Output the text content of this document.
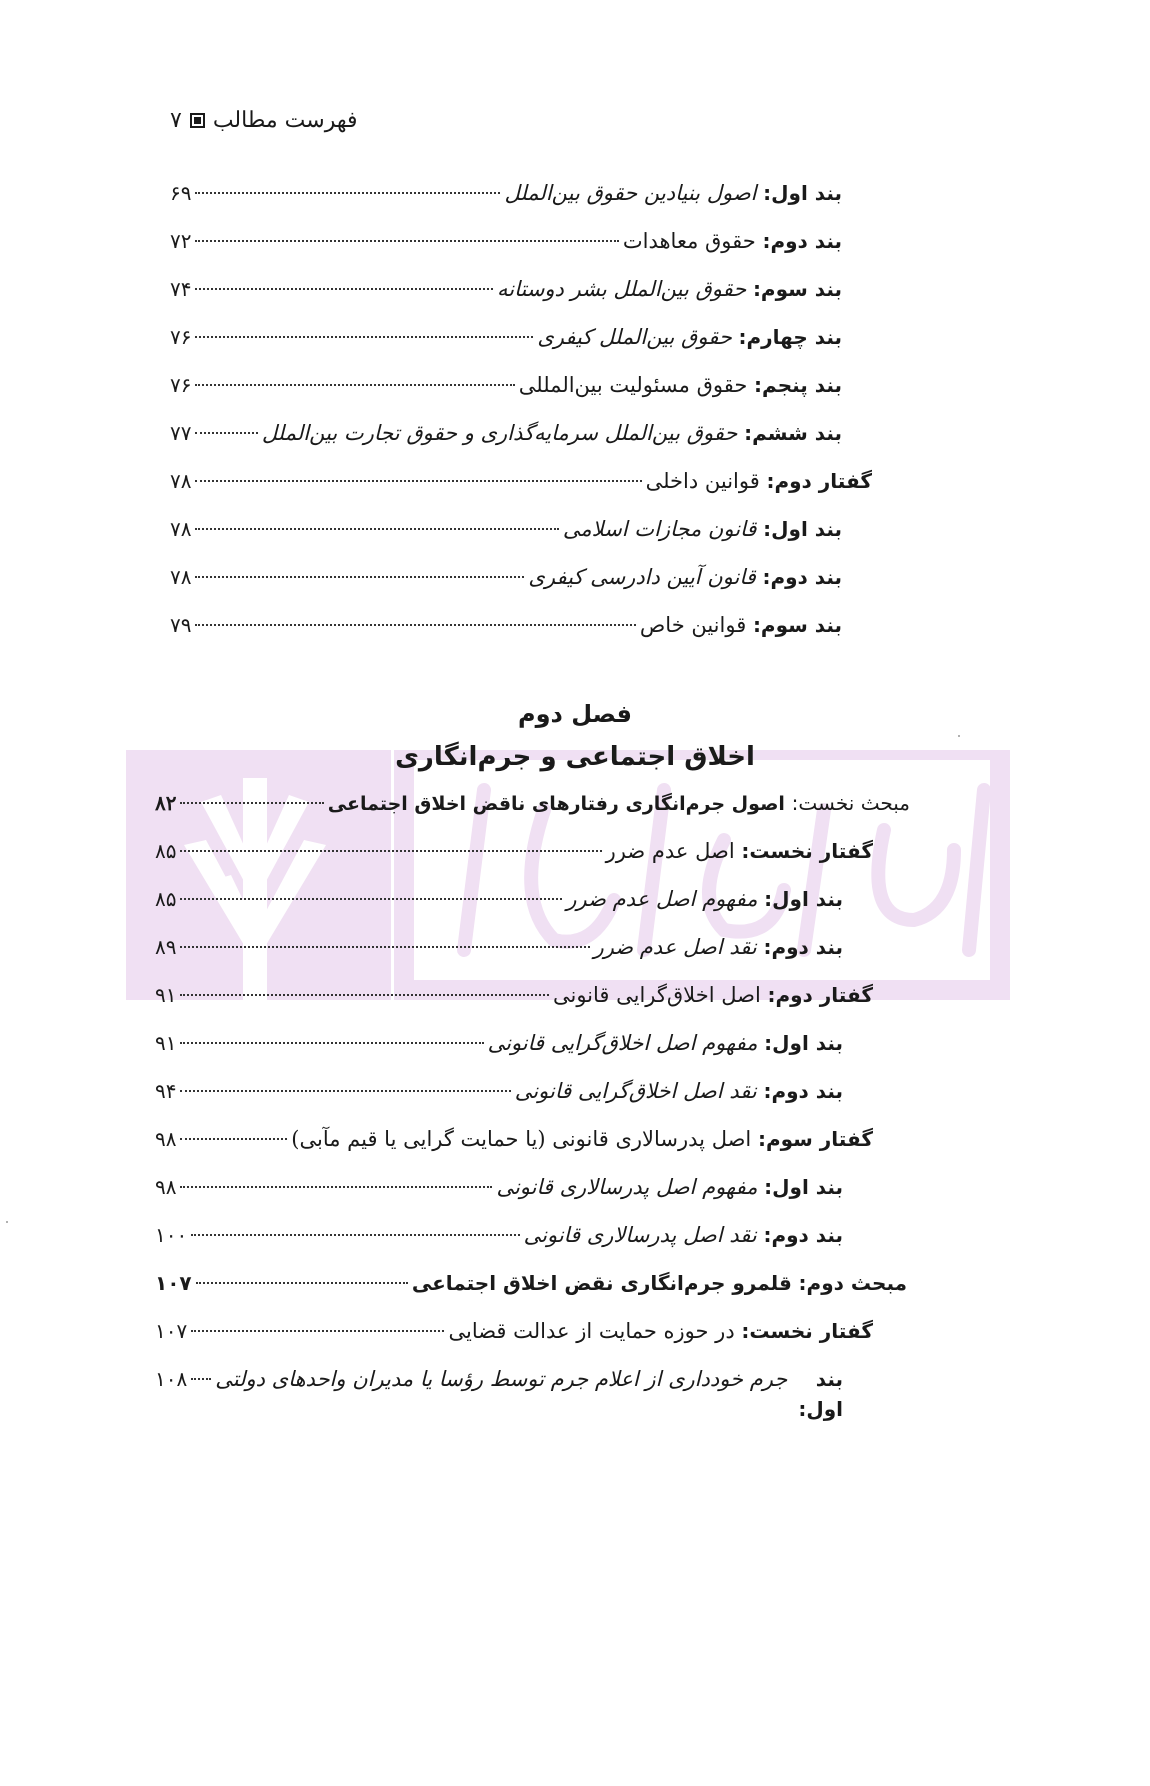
فهرست مطالب
۷
بند اول:

اصول بنیادین حقوق بین‌الملل
۶۹
بند دوم:

حقوق معاهدات
۷۲
بند سوم:

حقوق بین‌الملل بشر دوستانه
۷۴
بند چهارم:

حقوق بین‌الملل کیفری
۷۶
بند پنجم:

حقوق مسئولیت بین‌المللی
۷۶
بند ششم:

حقوق بین‌الملل سرمایه‌گذاری و حقوق تجارت بین‌الملل
۷۷
گفتار دوم:

قوانین داخلی
۷۸
بند اول:

قانون مجازات اسلامی
۷۸
بند دوم:

قانون آیین دادرسی کیفری
۷۸
بند سوم:

قوانین خاص
۷۹
فصل دوم
اخلاق اجتماعی و جرم‌انگاری
مبحث نخست:

اصول جرم‌انگاری رفتارهای ناقض اخلاق اجتماعی
۸۲
گفتار نخست:

اصل عدم ضرر
۸۵
بند اول:

مفهوم اصل عدم ضرر
۸۵
بند دوم:

نقد اصل عدم ضرر
۸۹
گفتار دوم:

اصل اخلاق‌گرایی قانونی
۹۱
بند اول:

مفهوم اصل اخلاق‌گرایی قانونی
۹۱
بند دوم:

نقد اصل اخلاق‌گرایی قانونی
۹۴
گفتار سوم:

اصل پدرسالاری قانونی (یا حمایت گرایی یا قیم مآبی)
۹۸
بند اول:

مفهوم اصل پدرسالاری قانونی
۹۸
بند دوم:

نقد اصل پدرسالاری قانونی
۱۰۰
مبحث دوم:

قلمرو جرم‌انگاری نقض اخلاق اجتماعی
۱۰۷
گفتار نخست:

در حوزه حمایت از عدالت قضایی
۱۰۷
بند اول:

جرم خودداری از اعلام جرم توسط رؤسا یا مدیران واحدهای دولتی
۱۰۸
